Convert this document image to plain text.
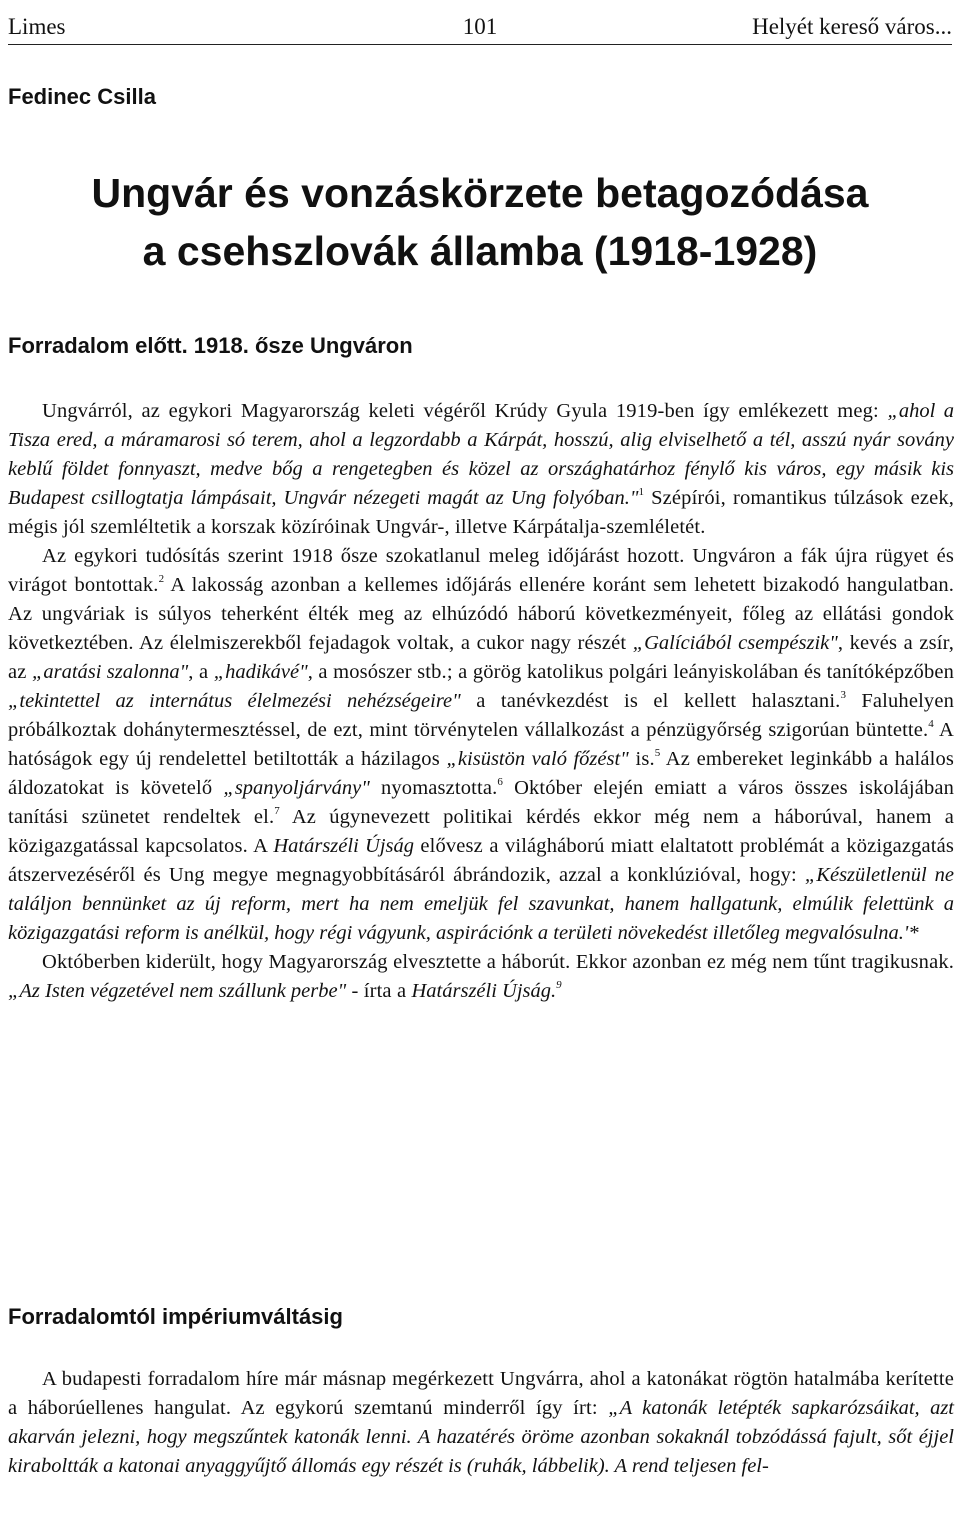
Limes	101	Helyét kereső város...
Fedinec Csilla
Ungvár és vonzáskörzete betagozódása
a csehszlovák államba (1918-1928)
Forradalom előtt. 1918. ősze Ungváron

Ungvárról, az egykori Magyarország keleti végéről Krúdy Gyula 1919-ben így emlékezett meg: „ahol a Tisza ered, a máramarosi só terem, ahol a legzordabb a Kárpát, hosszú, alig elviselhető a tél, asszú nyár sovány keblű földet fonnyaszt, medve bőg a rengetegben és közel az országhatárhoz fénylő kis város, egy másik kis Budapest csillogtatja lámpásait, Ungvár nézegeti magát az Ung folyóban."$^1$ Szépírói, romantikus túlzások ezek, mégis jól szemléltetik a korszak közíróinak Ungvár-, illetve Kárpátalja-szemléletét.

Az egykori tudósítás szerint 1918 ősze szokatlanul meleg időjárást hozott. Ungváron a fák újra rügyet és virágot bontottak.$^2$ A lakosság azonban a kellemes időjárás ellenére koránt sem lehetett bizakodó hangulatban. Az ungváriak is súlyos teherként élték meg az elhúzódó háború következményeit, főleg az ellátási gondok következtében. Az élelmiszerekből fejadagok voltak, a cukor nagy részét „Galíciából csempészik", kevés a zsír, az „aratási szalonna", a „hadikávé", a mosószer stb.; a görög katolikus polgári leányiskolában és tanítóképzőben „tekintettel az internátus élelmezési nehézségeire" a tanévkezdést is el kellett halasztani.$^3$ Faluhelyen próbálkoztak dohánytermesztéssel, de ezt, mint törvénytelen vállalkozást a pénzügyőrség szigorúan büntette.$^4$ A hatóságok egy új rendelettel betiltották a házilagos „kisüstön való főzést" is.$^5$ Az embereket leginkább a halálos áldozatokat is követelő „spanyoljárvány" nyomasztotta.$^6$ Október elején emiatt a város összes iskolájában tanítási szünetet rendeltek el.$^7$ Az úgynevezett politikai kérdés ekkor még nem a háborúval, hanem a közigazgatással kapcsolatos. A Határszéli Újság elővesz a világháború miatt elaltatott problémát a közigazgatás átszervezéséről és Ung megye megnagyobbításáról ábrándozik, azzal a konklúzióval, hogy: „Készületlenül ne találjon bennünket az új reform, mert ha nem emeljük fel szavunkat, hanem hallgatunk, elmúlik felettünk a közigazgatási reform is anélkül, hogy régi vágyunk, aspirációnk a területi növekedést illetőleg megvalósulna.'*

Októberben kiderült, hogy Magyarország elvesztette a háborút. Ekkor azonban ez még nem tűnt tragikusnak. „Az Isten végzetével nem szállunk perbe" - írta a Határszéli Újság.$^9$

Forradalomtól impériumváltásig

A budapesti forradalom híre már másnap megérkezett Ungvárra, ahol a katonákat rögtön hatalmába kerítette a háborúellenes hangulat. Az egykorú szemtanú minderről így írt: „A katonák letépték sapkarózsáikat, azt akarván jelezni, hogy megszűntek katonák lenni. A hazatérés öröme azonban sokaknál tobzódássá fajult, sőt éjjel kiraboltták a katonai anyaggyűjtő állomás egy részét is (ruhák, lábbelik). A rend teljesen fel-
